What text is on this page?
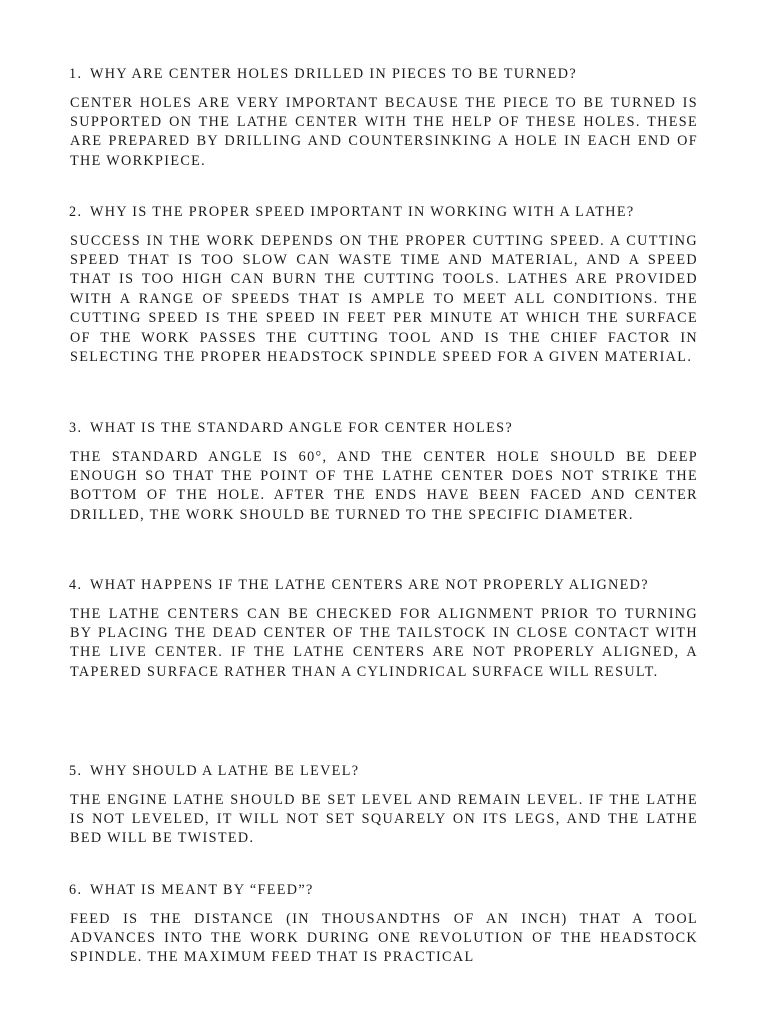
1. WHY ARE CENTER HOLES DRILLED IN PIECES TO BE TURNED?
CENTER HOLES ARE VERY IMPORTANT BECAUSE THE PIECE TO BE TURNED IS SUPPORTED ON THE LATHE CENTER WITH THE HELP OF THESE HOLES. THESE ARE PREPARED BY DRILLING AND COUNTERSINKING A HOLE IN EACH END OF THE WORKPIECE.
2. WHY IS THE PROPER SPEED IMPORTANT IN WORKING WITH A LATHE?
SUCCESS IN THE WORK DEPENDS ON THE PROPER CUTTING SPEED. A CUTTING SPEED THAT IS TOO SLOW CAN WASTE TIME AND MATERIAL, AND A SPEED THAT IS TOO HIGH CAN BURN THE CUTTING TOOLS. LATHES ARE PROVIDED WITH A RANGE OF SPEEDS THAT IS AMPLE TO MEET ALL CONDITIONS. THE CUTTING SPEED IS THE SPEED IN FEET PER MINUTE AT WHICH THE SURFACE OF THE WORK PASSES THE CUTTING TOOL AND IS THE CHIEF FACTOR IN SELECTING THE PROPER HEADSTOCK SPINDLE SPEED FOR A GIVEN MATERIAL.
3. WHAT IS THE STANDARD ANGLE FOR CENTER HOLES?
THE STANDARD ANGLE IS 60°, AND THE CENTER HOLE SHOULD BE DEEP ENOUGH SO THAT THE POINT OF THE LATHE CENTER DOES NOT STRIKE THE BOTTOM OF THE HOLE. AFTER THE ENDS HAVE BEEN FACED AND CENTER DRILLED, THE WORK SHOULD BE TURNED TO THE SPECIFIC DIAMETER.
4. WHAT HAPPENS IF THE LATHE CENTERS ARE NOT PROPERLY ALIGNED?
THE LATHE CENTERS CAN BE CHECKED FOR ALIGNMENT PRIOR TO TURNING BY PLACING THE DEAD CENTER OF THE TAILSTOCK IN CLOSE CONTACT WITH THE LIVE CENTER. IF THE LATHE CENTERS ARE NOT PROPERLY ALIGNED, A TAPERED SURFACE RATHER THAN A CYLINDRICAL SURFACE WILL RESULT.
5. WHY SHOULD A LATHE BE LEVEL?
THE ENGINE LATHE SHOULD BE SET LEVEL AND REMAIN LEVEL. IF THE LATHE IS NOT LEVELED, IT WILL NOT SET SQUARELY ON ITS LEGS, AND THE LATHE BED WILL BE TWISTED.
6. WHAT IS MEANT BY “FEED”?
FEED IS THE DISTANCE (IN THOUSANDTHS OF AN INCH) THAT A TOOL ADVANCES INTO THE WORK DURING ONE REVOLUTION OF THE HEADSTOCK SPINDLE. THE MAXIMUM FEED THAT IS PRACTICAL
